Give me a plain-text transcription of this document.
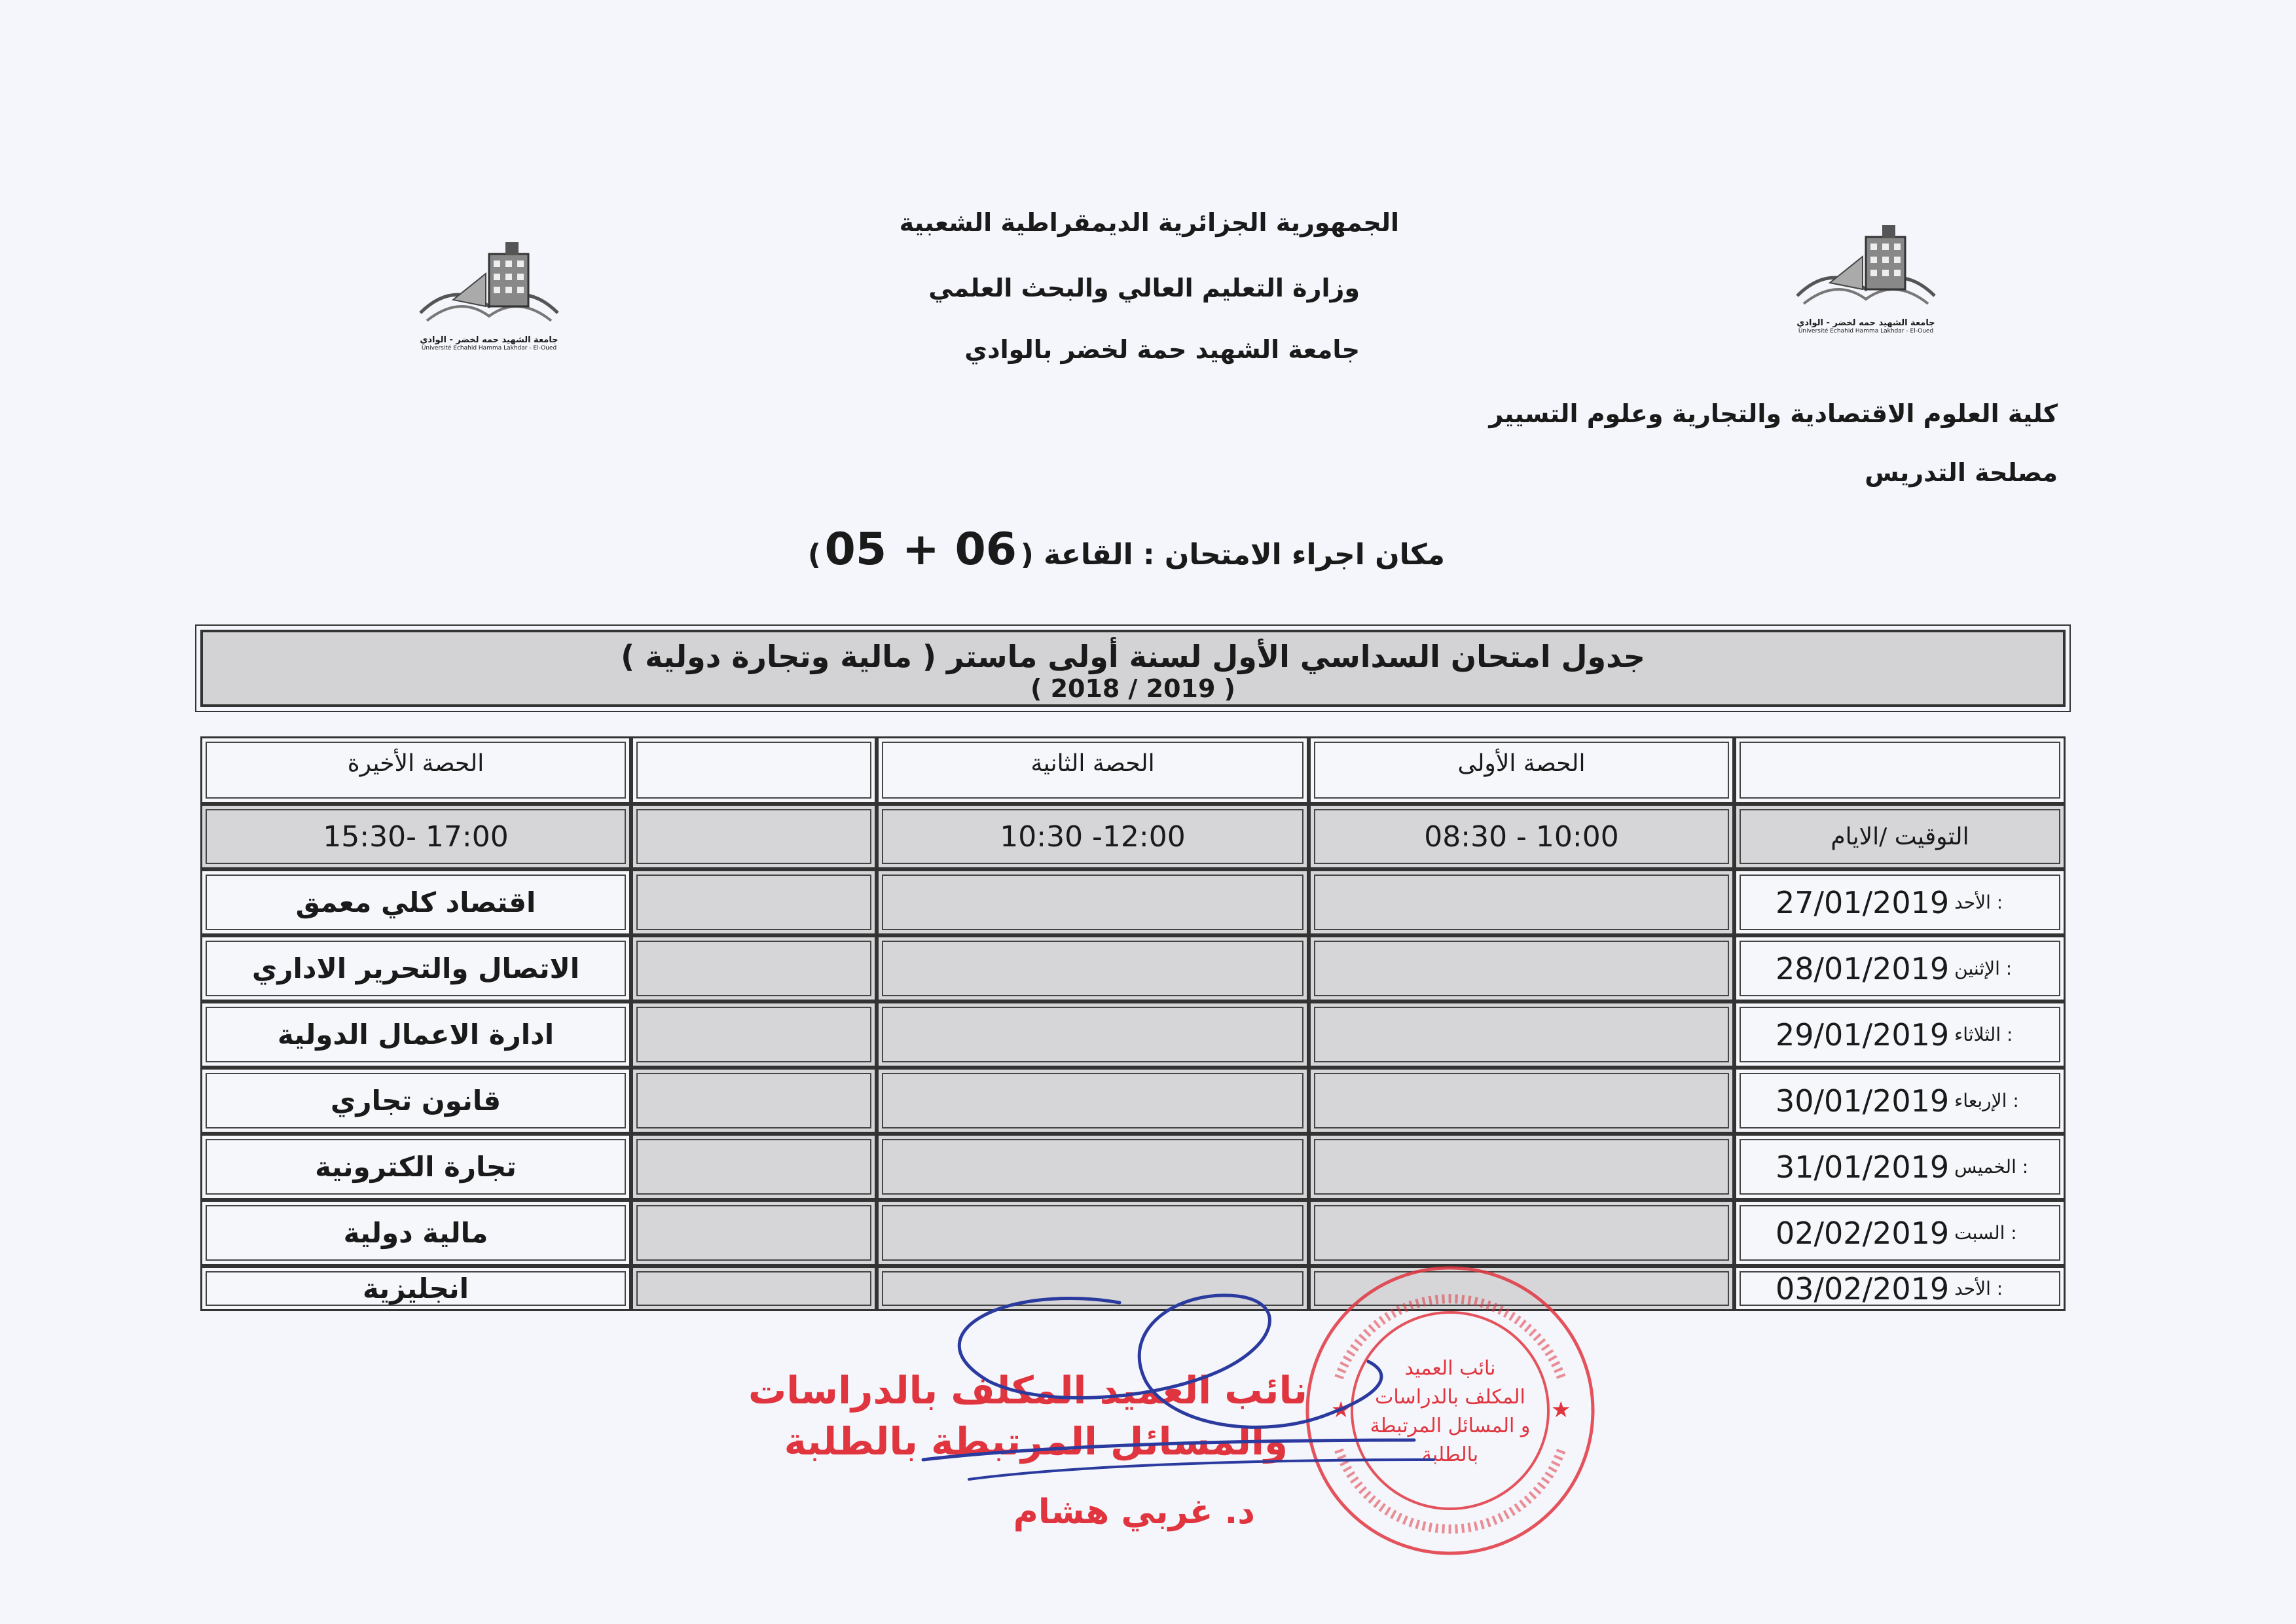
الجمهورية الجزائرية الديمقراطية الشعبية
وزارة التعليم العالي والبحث العلمي
جامعة الشهيد حمة لخضر بالوادي
كلية العلوم الاقتصادية والتجارية وعلوم التسيير
مصلحة التدريس
جامعة الشهيد حمه لخضر - الوادي
Université Echahid Hamma Lakhdar - El-Oued
جامعة الشهيد حمه لخضر - الوادي
Université Echahid Hamma Lakhdar - El-Oued
مكان اجراء الامتحان : القاعة ( 05 + 06 )
جدول امتحان السداسي الأول لسنة أولى ماستر ( مالية وتجارة دولية )
( 2018 / 2019 )
الحصة الأولى
الحصة الثانية
الحصة الأخيرة
التوقيت /الايام
08:30 - 10:00
10:30 -12:00
15:30- 17:00
27/01/2019 الأحد :
اقتصاد كلي معمق
28/01/2019 الإثنين :
الاتصال والتحرير الاداري
29/01/2019 الثلاثاء :
ادارة الاعمال الدولية
30/01/2019 الإربعاء :
قانون تجاري
31/01/2019 الخميس :
تجارة الكترونية
02/02/2019 السبت :
مالية دولية
03/02/2019 الأحد :
انجليزية
نائب العميد المكلف بالدراسات
والمسائل المرتبطة بالطلبة
د. غربي هشام
★	★
نائب العميد
المكلف بالدراسات
و المسائل المرتبطة
بالطلبة
